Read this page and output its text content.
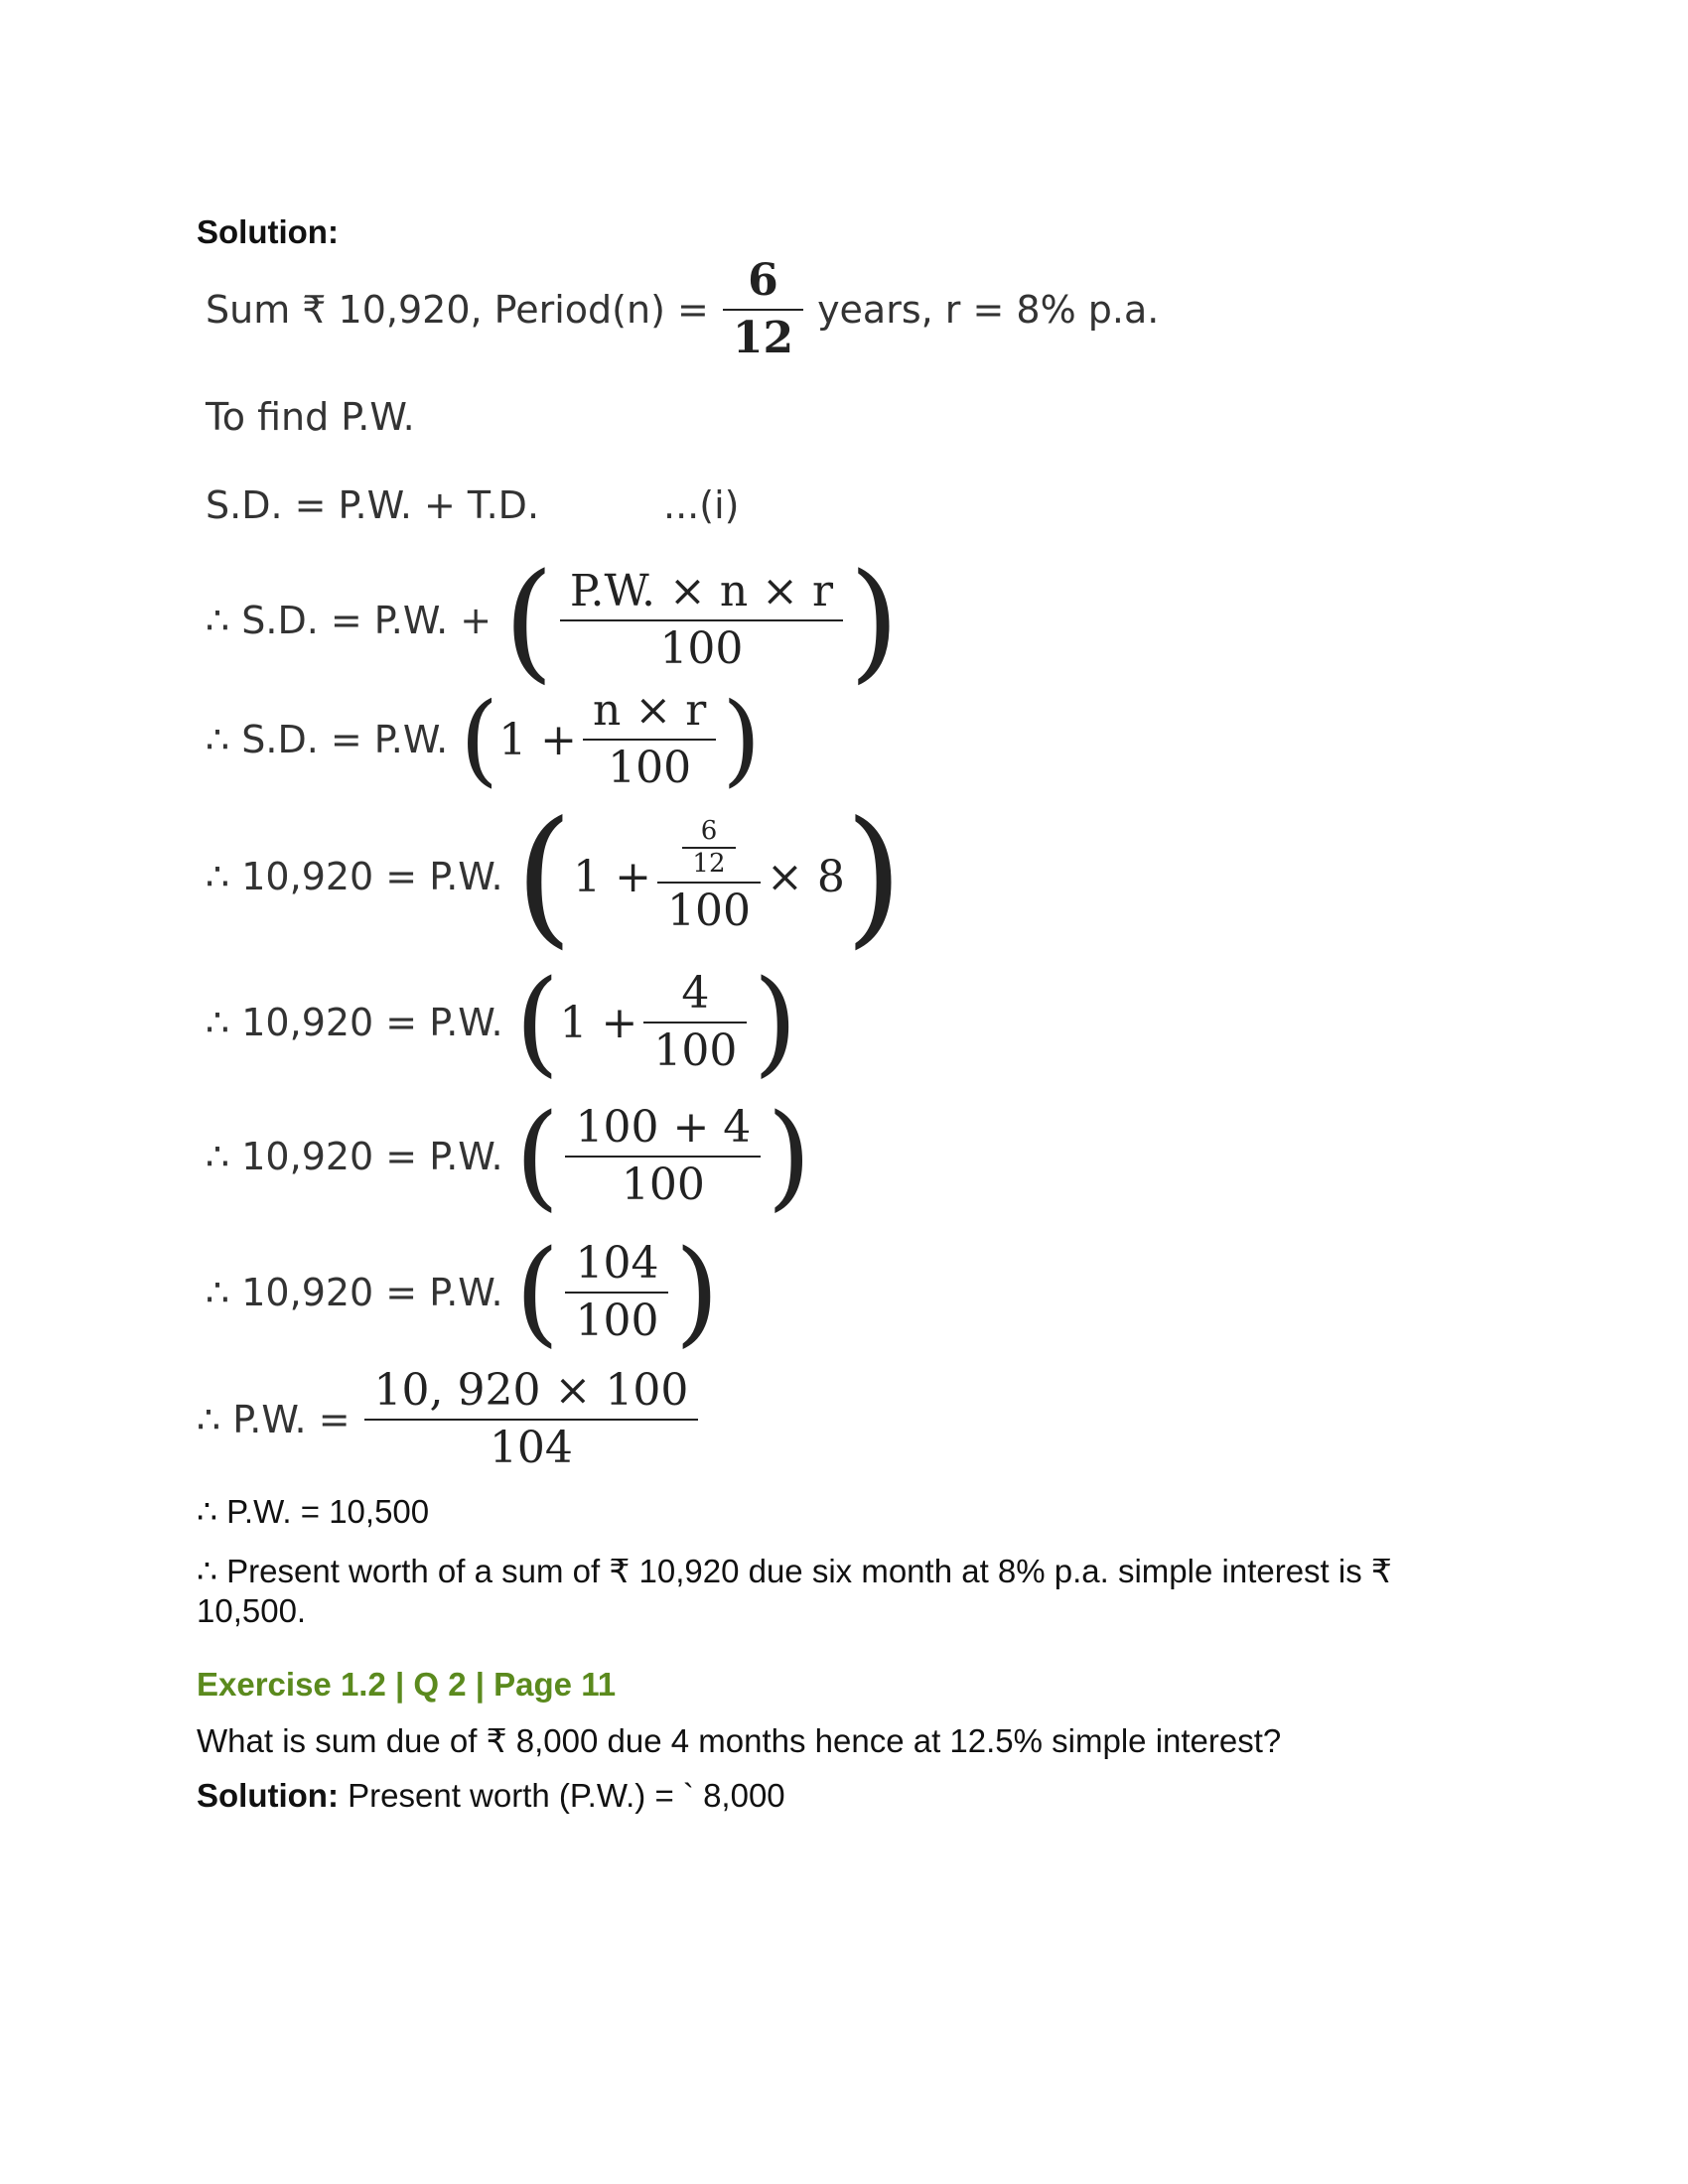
Solution:
Sum ₹ 10,920, Period(n) = $\frac{6}{12}$ years, r = 8% p.a.
To find P.W.
S.D. = P.W. + T.D.	...(i)
∴ S.D. = P.W. + ( $\frac{P.W. \times n \times r}{100}$ )
∴ S.D. = P.W. ( $1 + \frac{n \times r}{100}$ )
∴ 10,920 = P.W. ( $1 + \frac{\frac{6}{12}}{100} \times 8$ )
∴ 10,920 = P.W. ( $1 + \frac{4}{100}$ )
∴ 10,920 = P.W. ( $\frac{100 + 4}{100}$ )
∴ 10,920 = P.W. ( $\frac{104}{100}$ )
∴ P.W. = $\frac{10, 920 \times 100}{104}$
∴ P.W. = 10,500
∴ Present worth of a sum of ₹ 10,920 due six month at 8% p.a. simple interest is ₹ 10,500.
Exercise 1.2 | Q 2 | Page 11
What is sum due of ₹ 8,000 due 4 months hence at 12.5% simple interest?
Solution: Present worth (P.W.) = ` 8,000
